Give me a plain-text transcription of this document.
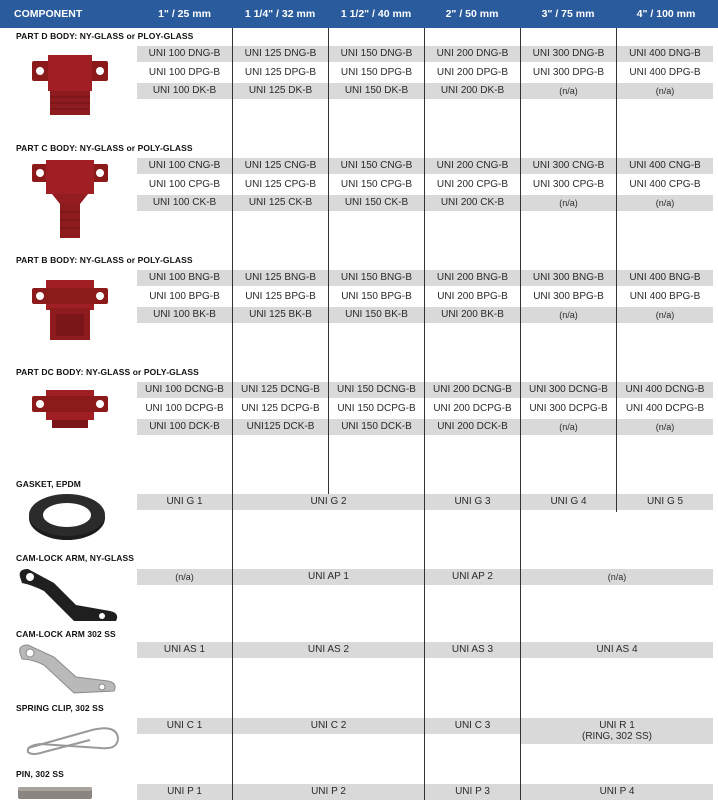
COMPONENT	1" / 25 mm	1 1/4" / 32 mm	1 1/2" / 40 mm	2" / 50 mm	3" / 75 mm	4" / 100 mm
PART D BODY: NY-GLASS or PLOY-GLASS
UNI 100 DNG-B	UNI 125 DNG-B	UNI 150 DNG-B	UNI 200 DNG-B	UNI 300 DNG-B	UNI 400 DNG-B
UNI 100 DPG-B	UNI 125 DPG-B	UNI 150 DPG-B	UNI 200 DPG-B	UNI 300 DPG-B	UNI 400 DPG-B
UNI 100 DK-B	UNI 125 DK-B	UNI 150 DK-B	UNI 200 DK-B	(n/a)	(n/a)
PART C BODY: NY-GLASS or POLY-GLASS
UNI 100 CNG-B	UNI 125 CNG-B	UNI 150 CNG-B	UNI 200 CNG-B	UNI 300 CNG-B	UNI 400 CNG-B
UNI 100 CPG-B	UNI 125 CPG-B	UNI 150 CPG-B	UNI 200 CPG-B	UNI 300 CPG-B	UNI 400 CPG-B
UNI 100 CK-B	UNI 125 CK-B	UNI 150 CK-B	UNI 200 CK-B	(n/a)	(n/a)
PART B BODY: NY-GLASS or POLY-GLASS
UNI 100 BNG-B	UNI 125 BNG-B	UNI 150 BNG-B	UNI 200 BNG-B	UNI 300 BNG-B	UNI 400 BNG-B
UNI 100 BPG-B	UNI 125 BPG-B	UNI 150 BPG-B	UNI 200 BPG-B	UNI 300 BPG-B	UNI 400 BPG-B
UNI 100 BK-B	UNI 125 BK-B	UNI 150 BK-B	UNI 200 BK-B	(n/a)	(n/a)
PART DC BODY: NY-GLASS or POLY-GLASS
UNI 100 DCNG-B	UNI 125 DCNG-B	UNI 150 DCNG-B	UNI 200 DCNG-B	UNI 300 DCNG-B	UNI 400 DCNG-B
UNI 100 DCPG-B	UNI 125 DCPG-B	UNI 150 DCPG-B	UNI 200 DCPG-B	UNI 300 DCPG-B	UNI 400 DCPG-B
UNI 100 DCK-B	UNI125 DCK-B	UNI 150 DCK-B	UNI 200 DCK-B	(n/a)	(n/a)
GASKET, EPDM
UNI G 1	UNI G 2	UNI G 3	UNI G 4	UNI G 5
CAM-LOCK ARM, NY-GLASS
(n/a)	UNI AP 1	UNI AP 2	(n/a)
CAM-LOCK ARM 302 SS
UNI AS 1	UNI AS 2	UNI AS 3	UNI AS 4
SPRING CLIP, 302 SS
UNI C 1	UNI C 2	UNI C 3	UNI R 1
(RING, 302 SS)
PIN, 302 SS
UNI P 1	UNI P 2	UNI P 3	UNI P 4
